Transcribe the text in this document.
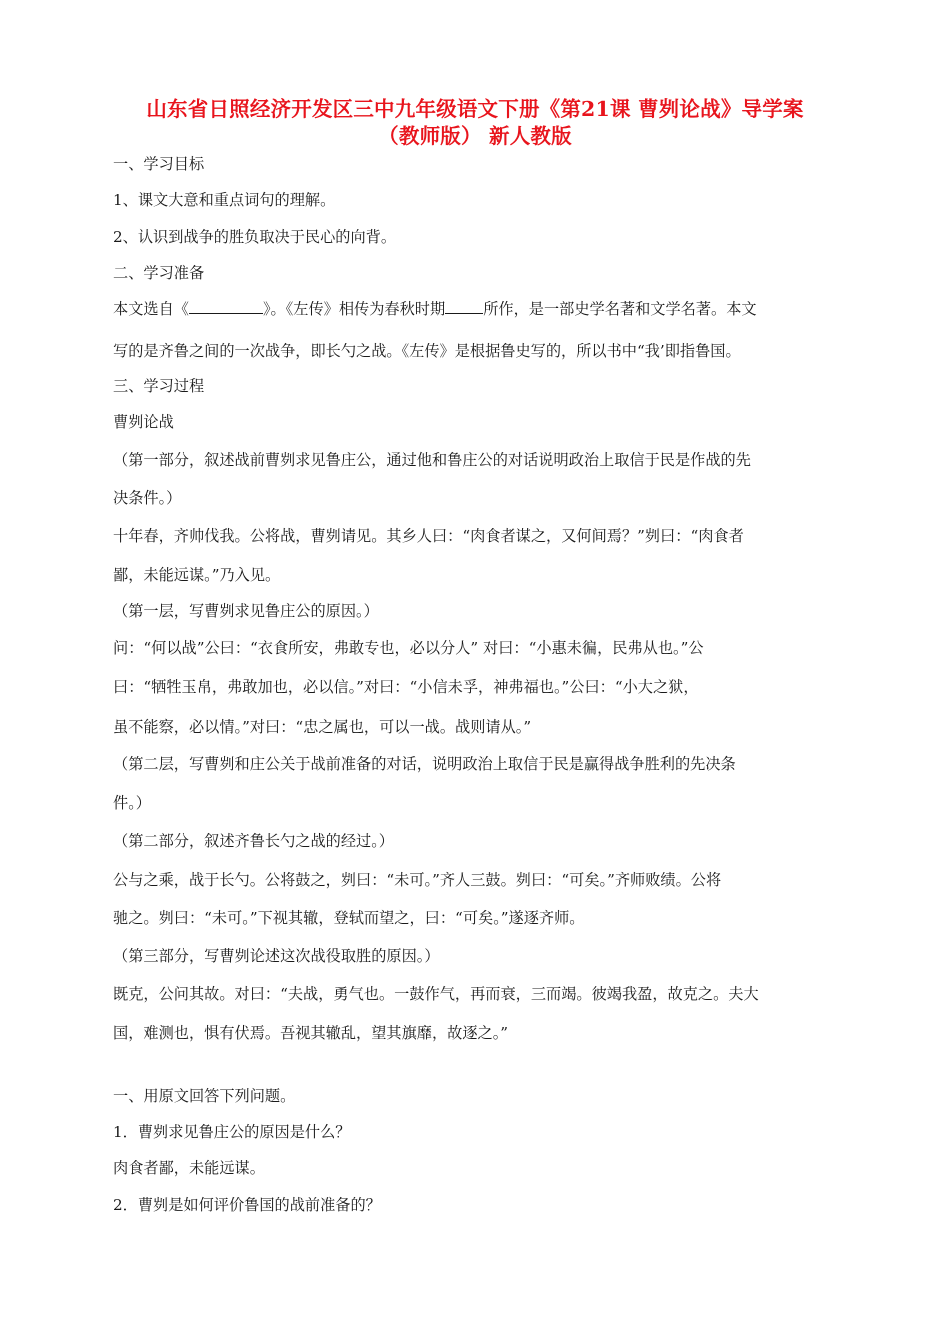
山东省日照经济开发区三中九年级语文下册《第21课 曹刿论战》导学案
（教师版） 新人教版
一、学习目标
1、课文大意和重点词句的理解。
2、认识到战争的胜负取决于民心的向背。
二、学习准备
本文选自《	》。《左传》相传为春秋时期	所作，是一部史学名著和文学名著。本文
写的是齐鲁之间的一次战争，即长勺之战。《左传》是根据鲁史写的，所以书中“我’即指鲁国。
三、学习过程
曹刿论战
（第一部分，叙述战前曹刿求见鲁庄公，通过他和鲁庄公的对话说明政治上取信于民是作战的先
决条件。）
十年春，齐帅伐我。公将战，曹刿请见。其乡人曰：“肉食者谋之，又何间焉？”刿曰：“肉食者
鄙，未能远谋。”乃入见。
（第一层，写曹刿求见鲁庄公的原因。）
问：“何以战”公曰：“衣食所安，弗敢专也，必以分人” 对曰：“小惠未徧，民弗从也。”公
曰：“牺牲玉帛，弗敢加也，必以信。”对曰：“小信未孚，神弗福也。”公曰：“小大之狱，
虽不能察，必以情。”对曰：“忠之属也，可以一战。战则请从。”
（第二层，写曹刿和庄公关于战前准备的对话，说明政治上取信于民是赢得战争胜利的先决条
件。）
（第二部分，叙述齐鲁长勺之战的经过。）
公与之乘，战于长勺。公将鼓之，刿曰：“未可。”齐人三鼓。刿曰：“可矣。”齐师败绩。公将
驰之。刿曰：“未可。”下视其辙，登轼而望之，曰：“可矣。”遂逐齐师。
（第三部分，写曹刿论述这次战役取胜的原因。）
既克，公问其故。对曰：“夫战，勇气也。一鼓作气，再而衰，三而竭。彼竭我盈，故克之。夫大
国，难测也，惧有伏焉。吾视其辙乱，望其旗靡，故逐之。”
一、用原文回答下列问题。
1．曹刿求见鲁庄公的原因是什么？
肉食者鄙，未能远谋。
2．曹刿是如何评价鲁国的战前准备的？
